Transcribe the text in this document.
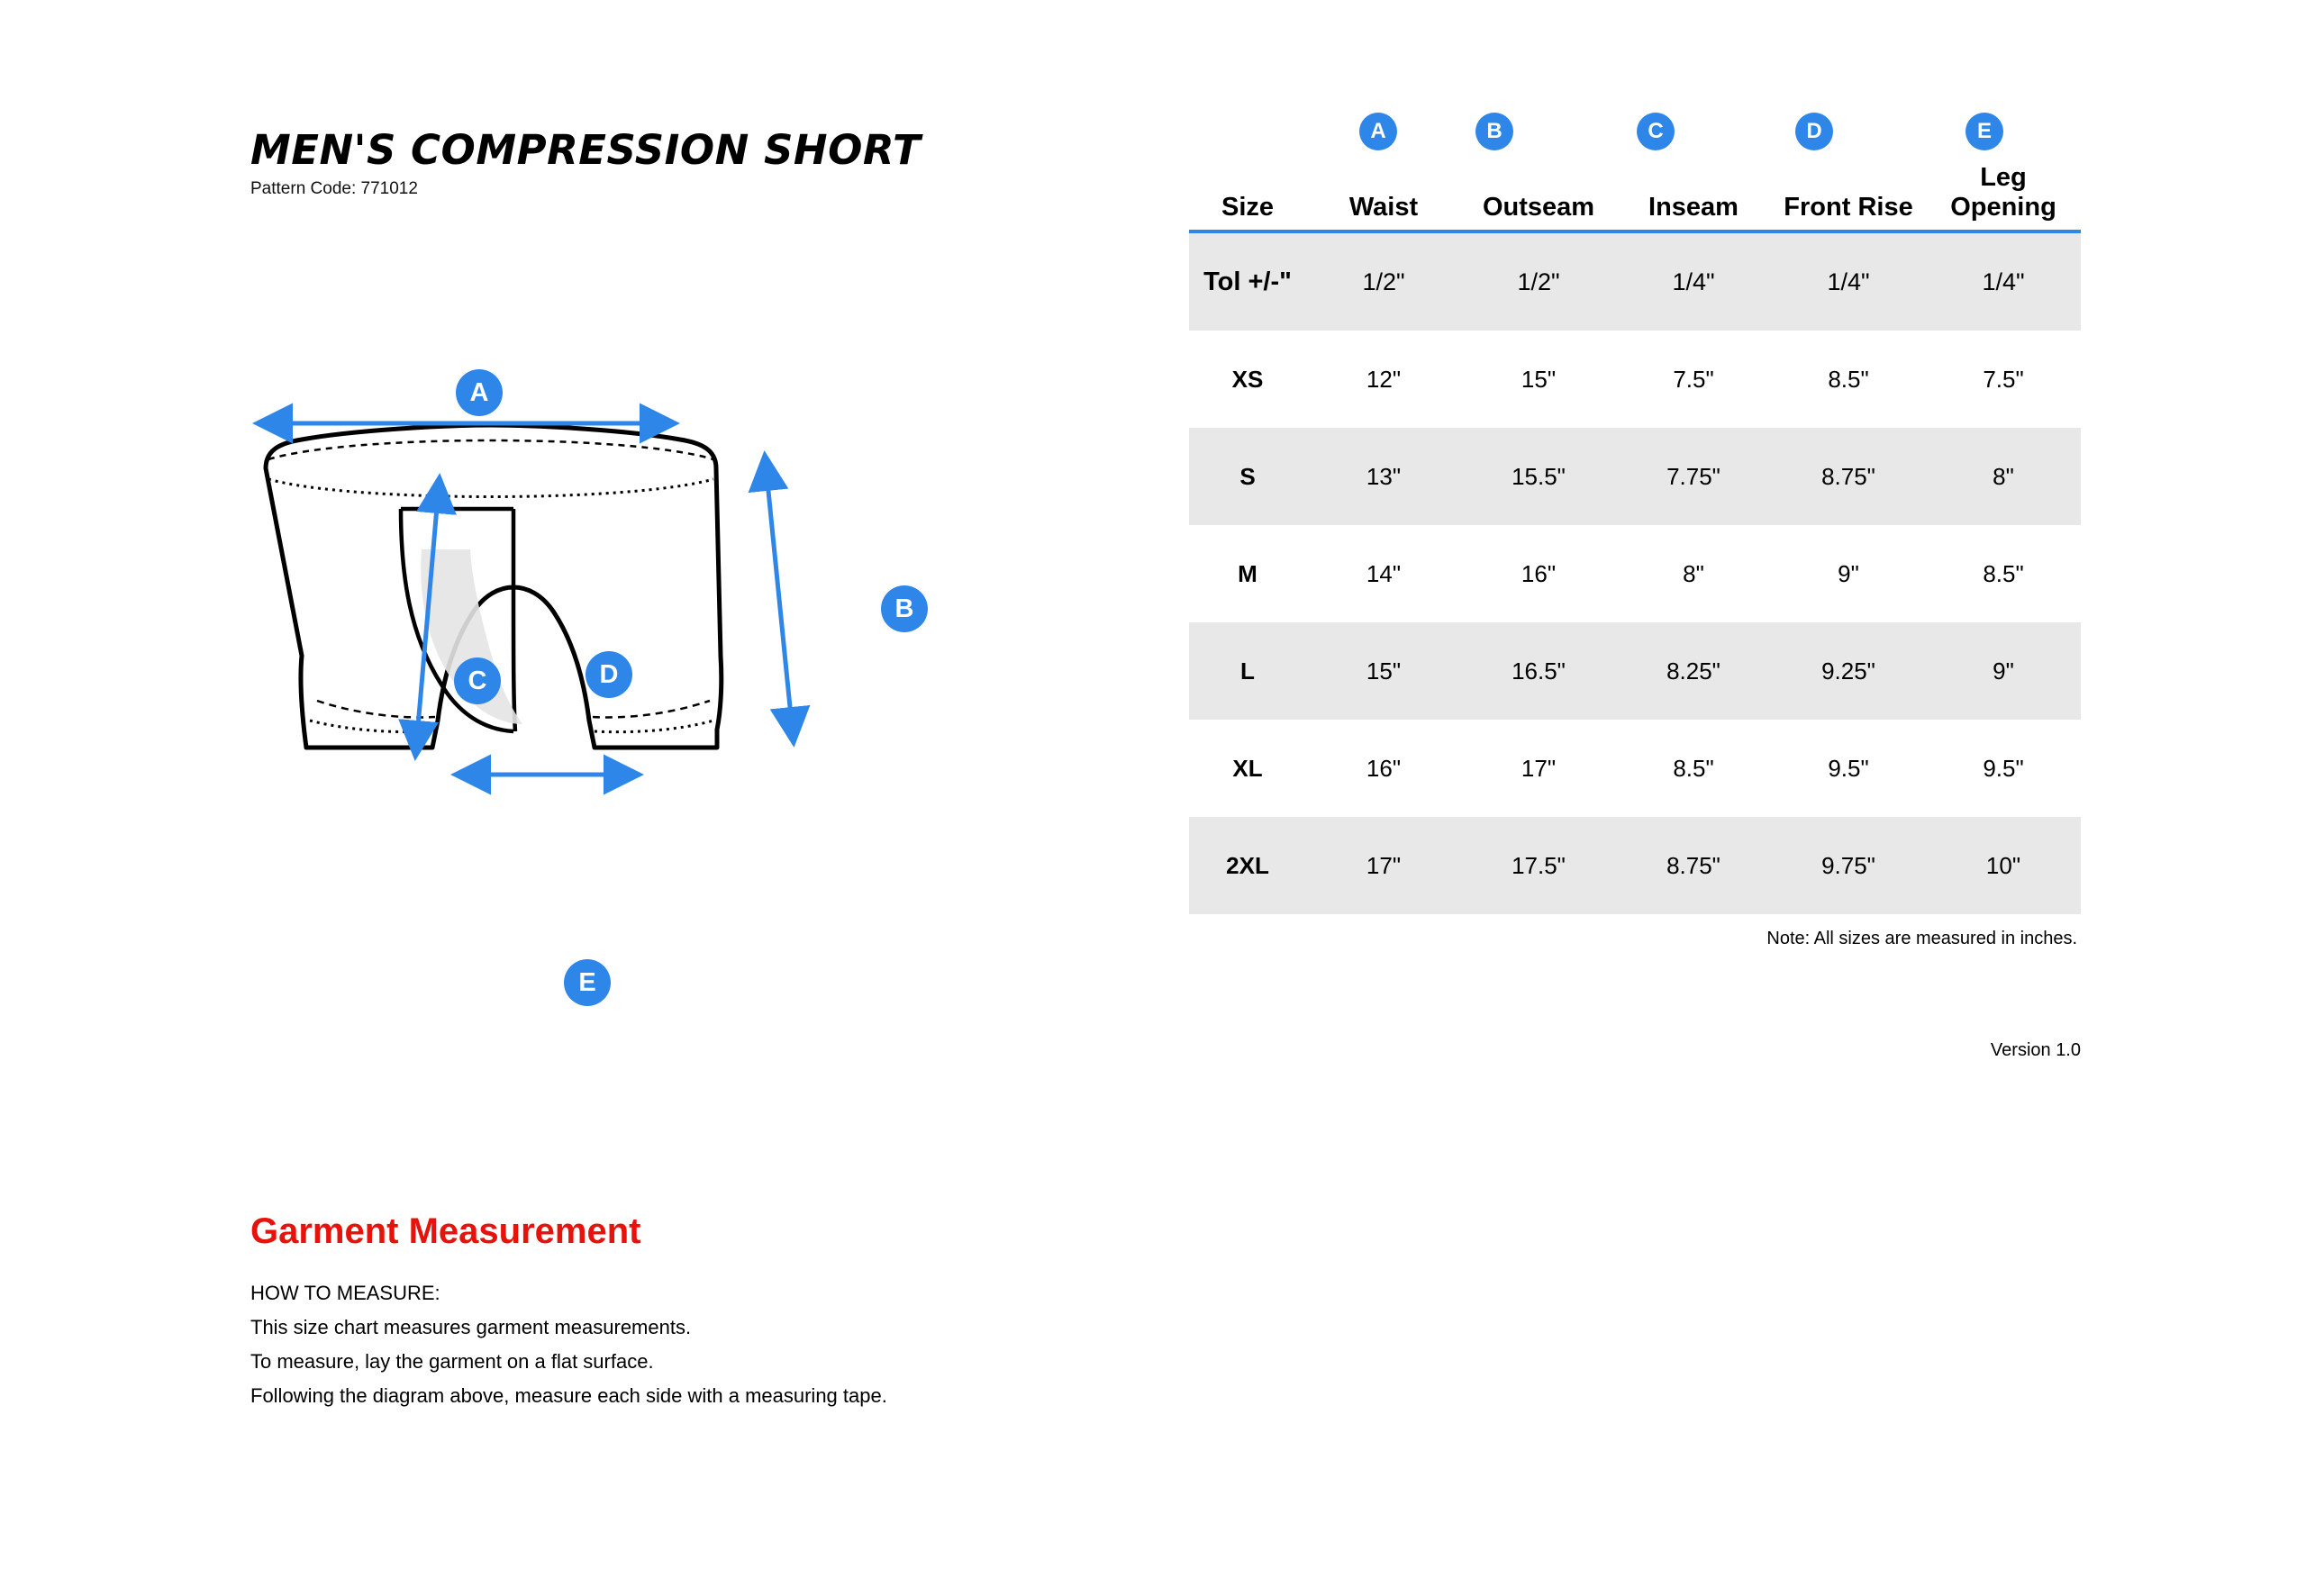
MEN'S COMPRESSION SHORT
Pattern Code: 771012
A
B
C	D
E
A	B	C	D	E
Size	Waist	Outseam	Inseam	Front Rise	Leg Opening
Tol +/-"	1/2"	1/2"	1/4"	1/4"	1/4"
XS	12"	15"	7.5"	8.5"	7.5"
S	13"	15.5"	7.75"	8.75"	8"
M	14"	16"	8"	9"	8.5"
L	15"	16.5"	8.25"	9.25"	9"
XL	16"	17"	8.5"	9.5"	9.5"
2XL	17"	17.5"	8.75"	9.75"	10"
Note: All sizes are measured in inches.
Version 1.0
Garment Measurement

HOW TO MEASURE:

This size chart measures garment measurements.

To measure, lay the garment on a flat surface.

Following the diagram above, measure each side with a measuring tape.
